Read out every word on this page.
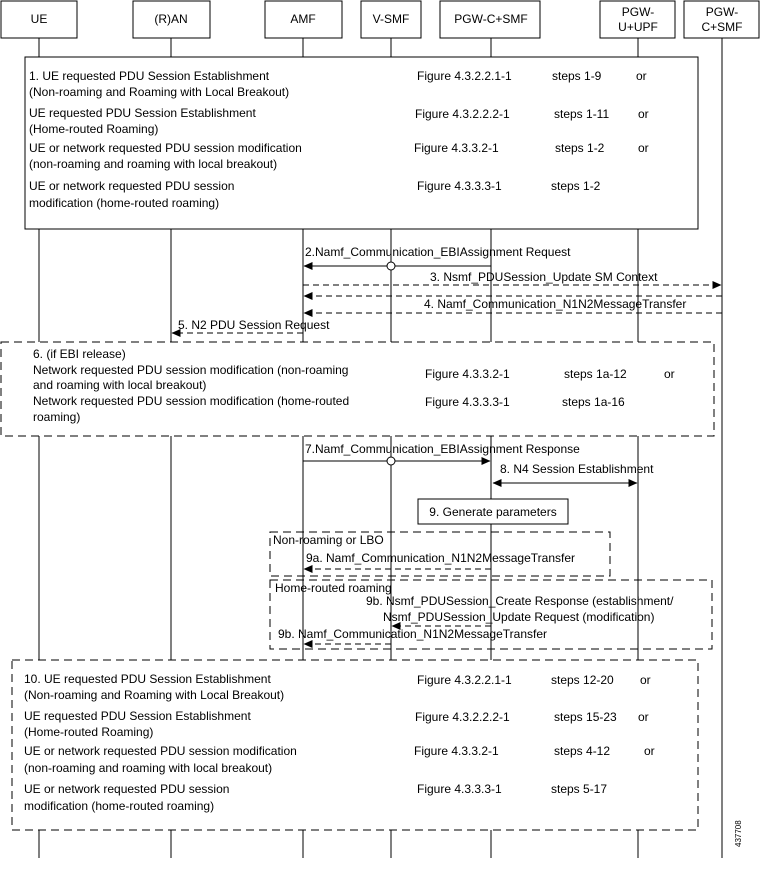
UE	(R)AN	AMF	V-SMF	PGW-C+SMF	PGW-
U+UPF
PGW-
C+SMF
1. UE requested PDU Session Establishment
(Non-roaming and Roaming with Local Breakout)
Figure 4.3.2.2.1-1	steps 1-9	or
UE requested PDU Session Establishment
(Home-routed Roaming)
Figure 4.3.2.2.2-1	steps 1-11 or
UE or network requested PDU session modification
(non-roaming and roaming with local breakout)
Figure 4.3.3.2-1	steps 1-2	or
UE or network requested PDU session
modification (home-routed roaming)
Figure 4.3.3.3-1	steps 1-2
2.Namf_Communication_EBIAssignment Request
3. Nsmf_PDUSession_Update SM Context
4. Namf_Communication_N1N2MessageTransfer
5. N2 PDU Session Request
6. (if EBI release)
Network requested PDU session modification (non-roaming
and roaming with local breakout)
Figure 4.3.3.2-1	steps 1a-12	or
Network requested PDU session modification (home-routed
roaming)
Figure 4.3.3.3-1	steps 1a-16
7.Namf_Communication_EBIAssignment Response
8. N4 Session Establishment
9. Generate parameters
Non-roaming or LBO
9a. Namf_Communication_N1N2MessageTransfer
Home-routed roaming
9b. Nsmf_PDUSession_Create Response (establishment/
Nsmf_PDUSession_Update Request (modification)
9b. Namf_Communication_N1N2MessageTransfer
10. UE requested PDU Session Establishment
(Non-roaming and Roaming with Local Breakout)
Figure 4.3.2.2.1-1	steps 12-20 or
UE requested PDU Session Establishment
(Home-routed Roaming)
Figure 4.3.2.2.2-1	steps 15-23 or
UE or network requested PDU session modification
(non-roaming and roaming with local breakout)
Figure 4.3.3.2-1	steps 4-12	or
UE or network requested PDU session
modification (home-routed roaming)
Figure 4.3.3.3-1	steps 5-17
437708
